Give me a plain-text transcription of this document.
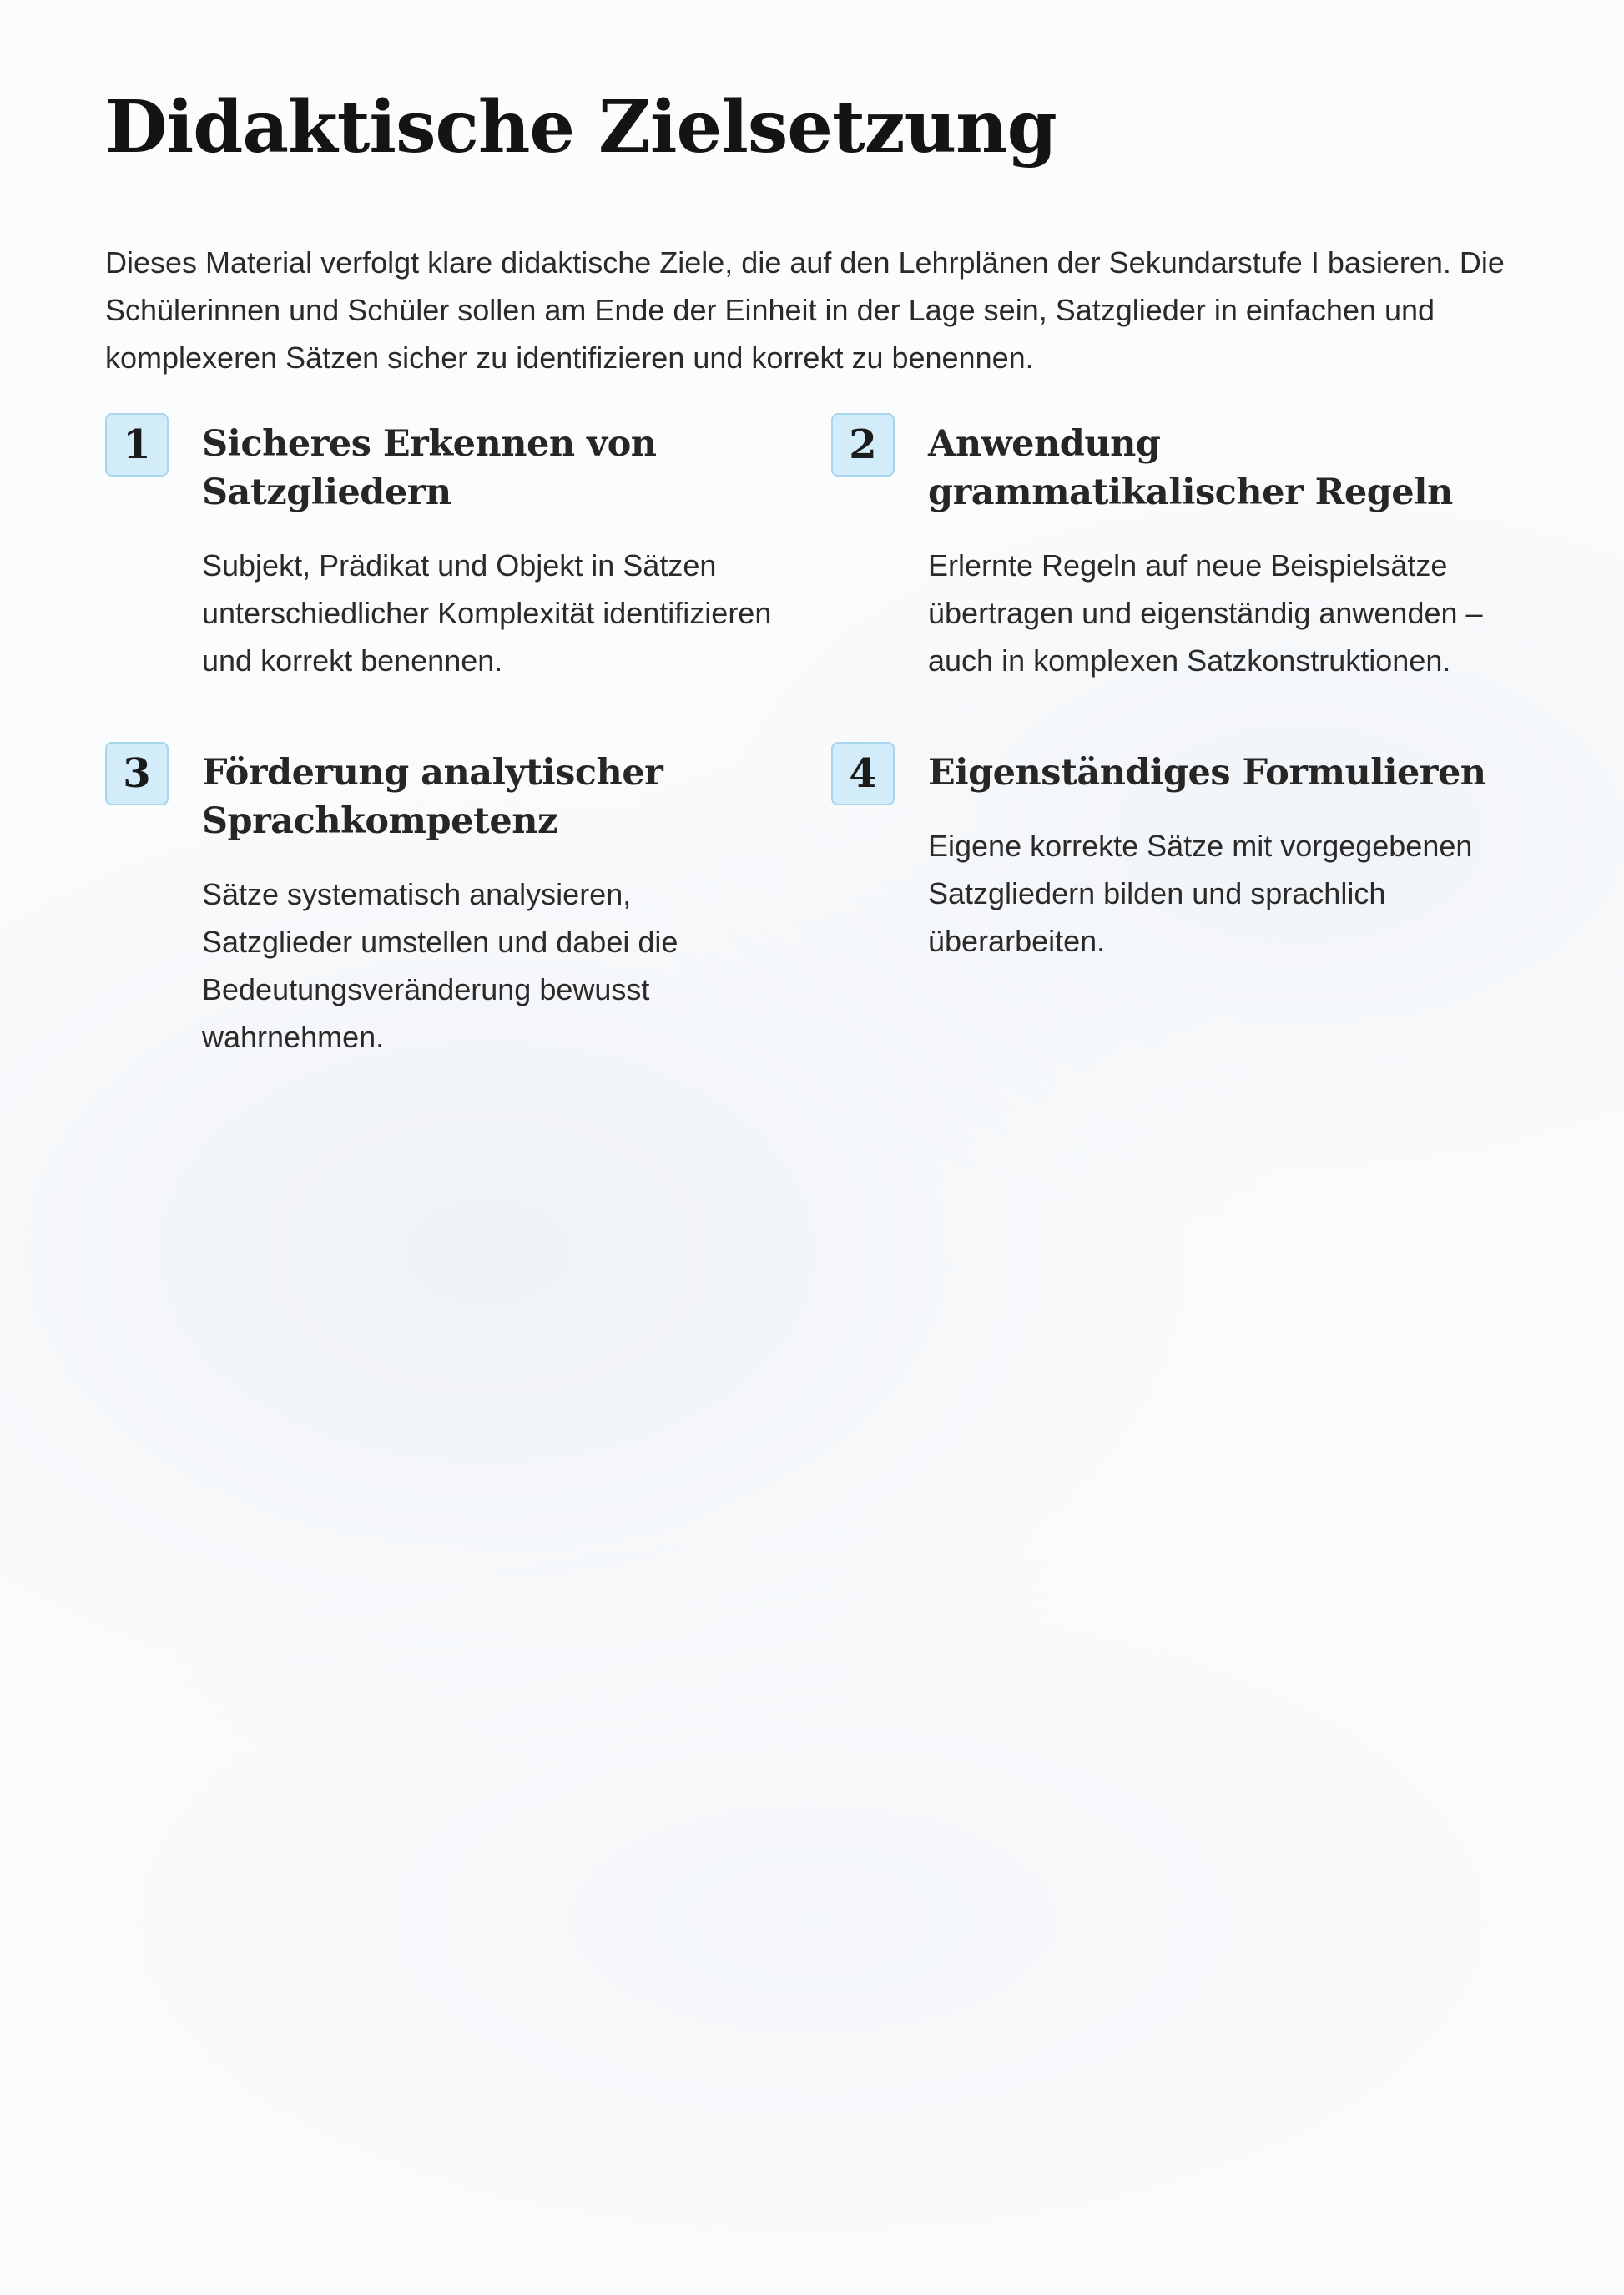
Didaktische Zielsetzung

Dieses Material verfolgt klare didaktische Ziele, die auf den Lehrplänen der Sekundarstufe I basieren. Die Schülerinnen und Schüler sollen am Ende der Einheit in der Lage sein, Satzglieder in einfachen und komplexeren Sätzen sicher zu identifizieren und korrekt zu benennen.

1	Sicheres Erkennen von Satzgliedern

Subjekt, Prädikat und Objekt in Sätzen unterschiedlicher Komplexität identifizieren und korrekt benennen.

2	Anwendung grammatikalischer Regeln

Erlernte Regeln auf neue Beispielsätze übertragen und eigenständig anwenden – auch in komplexen Satzkonstruktionen.

3	Förderung analytischer Sprachkompetenz

Sätze systematisch analysieren, Satzglieder umstellen und dabei die Bedeutungsveränderung bewusst wahrnehmen.

4	Eigenständiges Formulieren

Eigene korrekte Sätze mit vorgegebenen Satzgliedern bilden und sprachlich überarbeiten.
